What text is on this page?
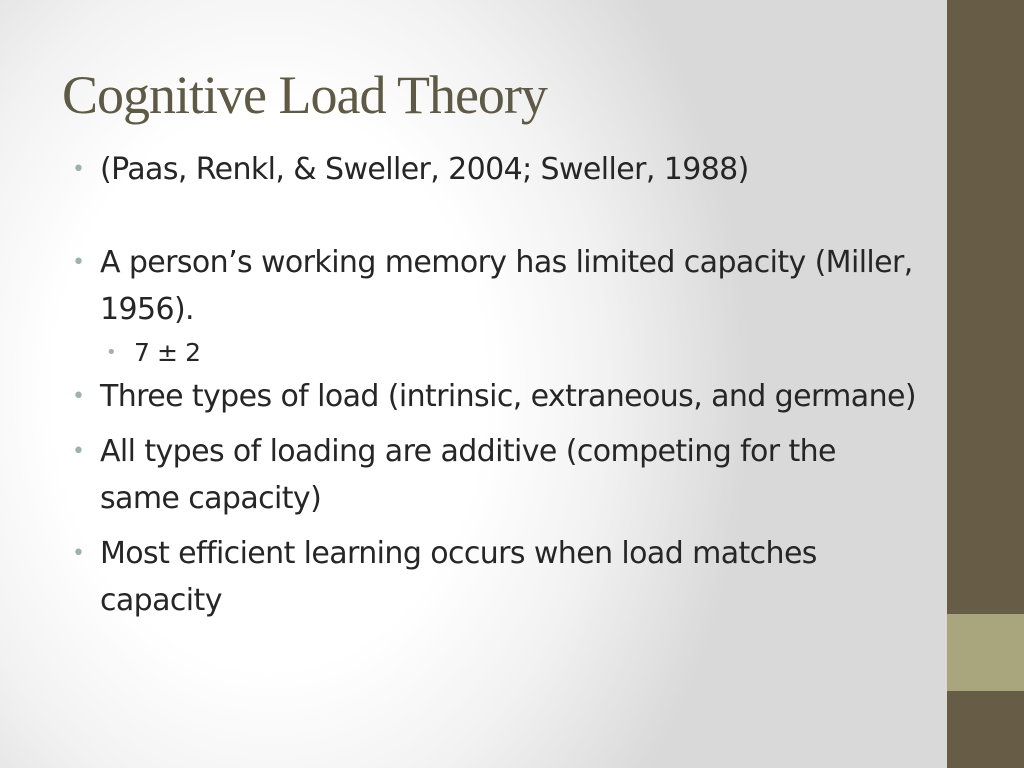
Cognitive Load Theory
• (Paas, Renkl, & Sweller, 2004; Sweller, 1988)
• A person’s working memory has limited capacity (Miller, 1956).
• 7 ± 2
• Three types of load (intrinsic, extraneous, and germane)
• All types of loading are additive (competing for the same capacity)
• Most efficient learning occurs when load matches capacity
